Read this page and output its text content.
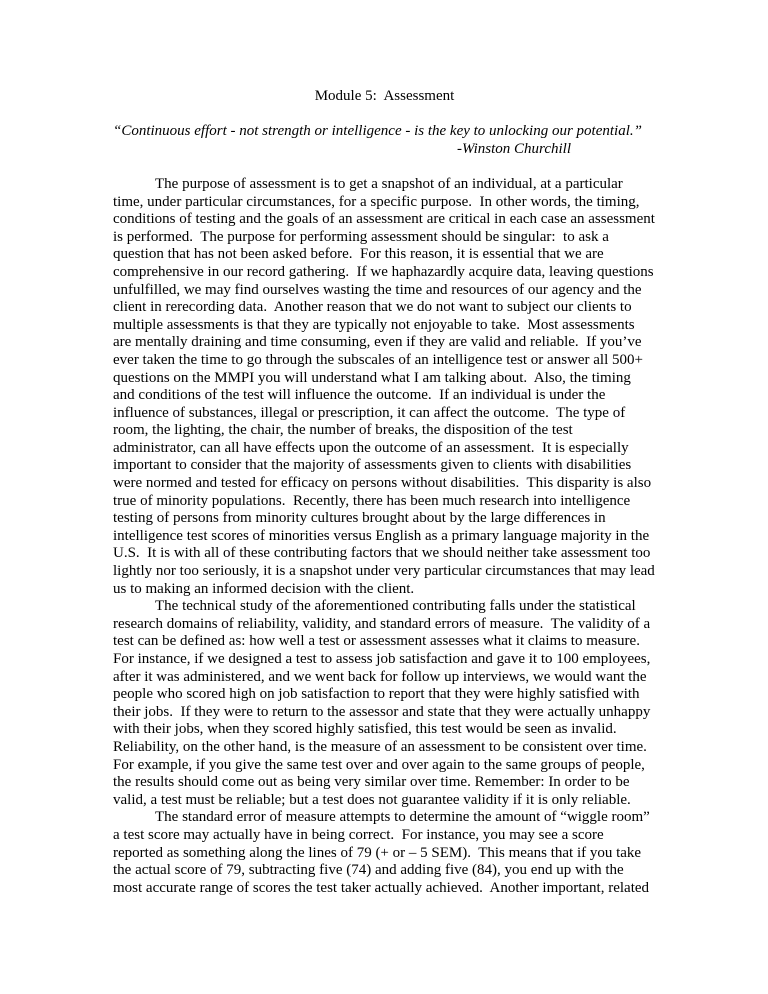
Module 5:  Assessment

“Continuous effort - not strength or intelligence - is the key to unlocking our potential.”

-Winston Churchill

The purpose of assessment is to get a snapshot of an individual, at a particular time, under particular circumstances, for a specific purpose.  In other words, the timing, conditions of testing and the goals of an assessment are critical in each case an assessment is performed.  The purpose for performing assessment should be singular:  to ask a question that has not been asked before.  For this reason, it is essential that we are comprehensive in our record gathering.  If we haphazardly acquire data, leaving questions unfulfilled, we may find ourselves wasting the time and resources of our agency and the client in rerecording data.  Another reason that we do not want to subject our clients to multiple assessments is that they are typically not enjoyable to take.  Most assessments are mentally draining and time consuming, even if they are valid and reliable.  If you’ve ever taken the time to go through the subscales of an intelligence test or answer all 500+ questions on the MMPI you will understand what I am talking about.  Also, the timing and conditions of the test will influence the outcome.  If an individual is under the influence of substances, illegal or prescription, it can affect the outcome.  The type of room, the lighting, the chair, the number of breaks, the disposition of the test administrator, can all have effects upon the outcome of an assessment.  It is especially important to consider that the majority of assessments given to clients with disabilities were normed and tested for efficacy on persons without disabilities.  This disparity is also true of minority populations.  Recently, there has been much research into intelligence testing of persons from minority cultures brought about by the large differences in intelligence test scores of minorities versus English as a primary language majority in the U.S.  It is with all of these contributing factors that we should neither take assessment too lightly nor too seriously, it is a snapshot under very particular circumstances that may lead us to making an informed decision with the client.

The technical study of the aforementioned contributing falls under the statistical research domains of reliability, validity, and standard errors of measure.  The validity of a test can be defined as: how well a test or assessment assesses what it claims to measure.  For instance, if we designed a test to assess job satisfaction and gave it to 100 employees, after it was administered, and we went back for follow up interviews, we would want the people who scored high on job satisfaction to report that they were highly satisfied with their jobs.  If they were to return to the assessor and state that they were actually unhappy with their jobs, when they scored highly satisfied, this test would be seen as invalid.  Reliability, on the other hand, is the measure of an assessment to be consistent over time.  For example, if you give the same test over and over again to the same groups of people, the results should come out as being very similar over time. Remember: In order to be valid, a test must be reliable; but a test does not guarantee validity if it is only reliable.

The standard error of measure attempts to determine the amount of “wiggle room” a test score may actually have in being correct.  For instance, you may see a score reported as something along the lines of 79 (+ or – 5 SEM).  This means that if you take the actual score of 79, subtracting five (74) and adding five (84), you end up with the most accurate range of scores the test taker actually achieved.  Another important, related
